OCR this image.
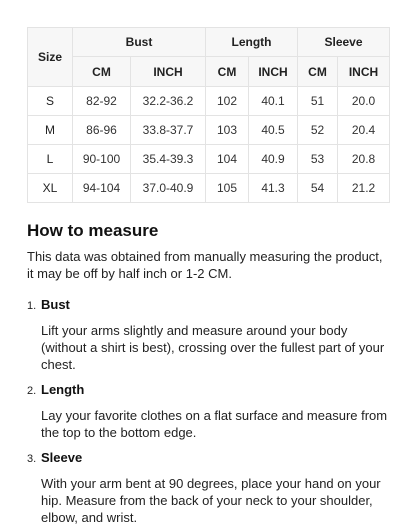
Size	Bust		Length		Sleeve	
	CM	INCH	CM	INCH	CM	INCH
S	82-92	32.2-36.2	102	40.1	51	20.0
M	86-96	33.8-37.7	103	40.5	52	20.4
L	90-100	35.4-39.3	104	40.9	53	20.8
XL	94-104	37.0-40.9	105	41.3	54	21.2
How to measure

This data was obtained from manually measuring the product, it may be off by half inch or 1-2 CM.

1. Bust

Lift your arms slightly and measure around your body (without a shirt is best), crossing over the fullest part of your chest.

2. Length

Lay your favorite clothes on a flat surface and measure from the top to the bottom edge.

3. Sleeve

With your arm bent at 90 degrees, place your hand on your hip. Measure from the back of your neck to your shoulder, elbow, and wrist.
